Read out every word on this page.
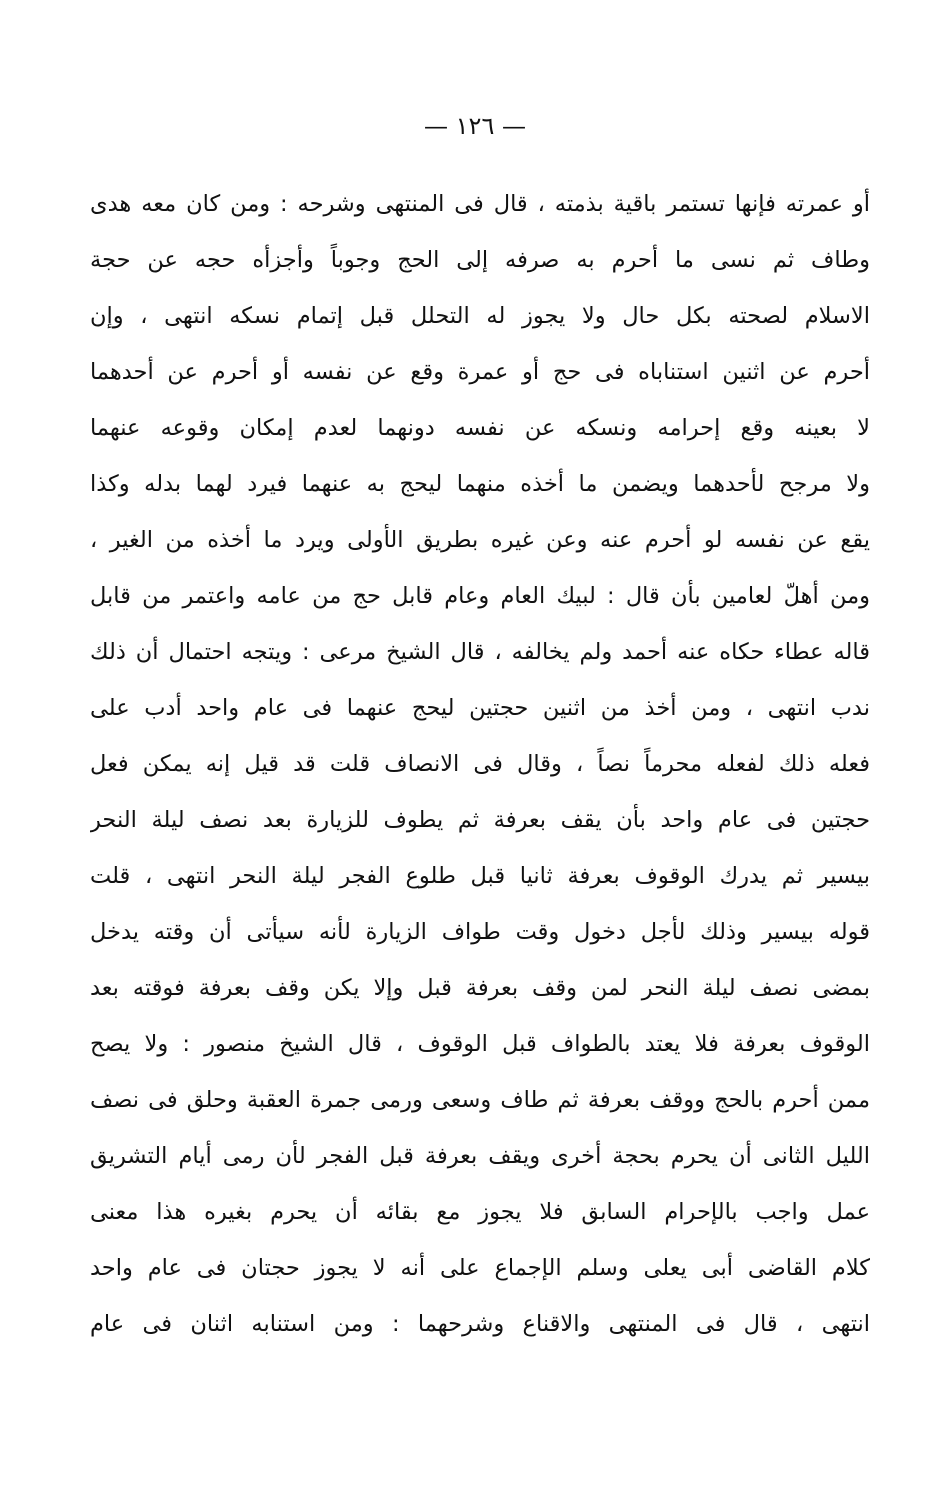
— ١٢٦ —
أو عمرته فإنها تستمر باقية بذمته ، قال فى المنتهى وشرحه : ومن كان معه هدى
وطاف ثم نسى ما أحرم به صرفه إلى الحج وجوباً وأجزأه حجه عن حجة
الاسلام لصحته بكل حال ولا يجوز له التحلل قبل إتمام نسكه انتهى ، وإن
أحرم عن اثنين استناباه فى حج أو عمرة وقع عن نفسه أو أحرم عن أحدهما
لا بعينه وقع إحرامه ونسكه عن نفسه دونهما لعدم إمكان وقوعه عنهما
ولا مرجح لأحدهما ويضمن ما أخذه منهما ليحج به عنهما فيرد لهما بدله وكذا
يقع عن نفسه لو أحرم عنه وعن غيره بطريق الأولى ويرد ما أخذه من الغير ،
ومن أهلّ لعامين بأن قال : لبيك العام وعام قابل حج من عامه واعتمر من قابل
قاله عطاء حكاه عنه أحمد ولم يخالفه ، قال الشيخ مرعى : ويتجه احتمال أن ذلك
ندب انتهى ، ومن أخذ من اثنين حجتين ليحج عنهما فى عام واحد أدب على
فعله ذلك لفعله محرماً نصاً ، وقال فى الانصاف قلت قد قيل إنه يمكن فعل
حجتين فى عام واحد بأن يقف بعرفة ثم يطوف للزيارة بعد نصف ليلة النحر
بيسير ثم يدرك الوقوف بعرفة ثانيا قبل طلوع الفجر ليلة النحر انتهى ، قلت
قوله بيسير وذلك لأجل دخول وقت طواف الزيارة لأنه سيأتى أن وقته يدخل
بمضى نصف ليلة النحر لمن وقف بعرفة قبل وإلا يكن وقف بعرفة فوقته بعد
الوقوف بعرفة فلا يعتد بالطواف قبل الوقوف ، قال الشيخ منصور : ولا يصح
ممن أحرم بالحج ووقف بعرفة ثم طاف وسعى ورمى جمرة العقبة وحلق فى نصف
الليل الثانى أن يحرم بحجة أخرى ويقف بعرفة قبل الفجر لأن رمى أيام التشريق
عمل واجب بالإحرام السابق فلا يجوز مع بقائه أن يحرم بغيره هذا معنى
كلام القاضى أبى يعلى وسلم الإجماع على أنه لا يجوز حجتان فى عام واحد
انتهى ، قال فى المنتهى والاقناع وشرحهما : ومن استنابه اثنان فى عام
